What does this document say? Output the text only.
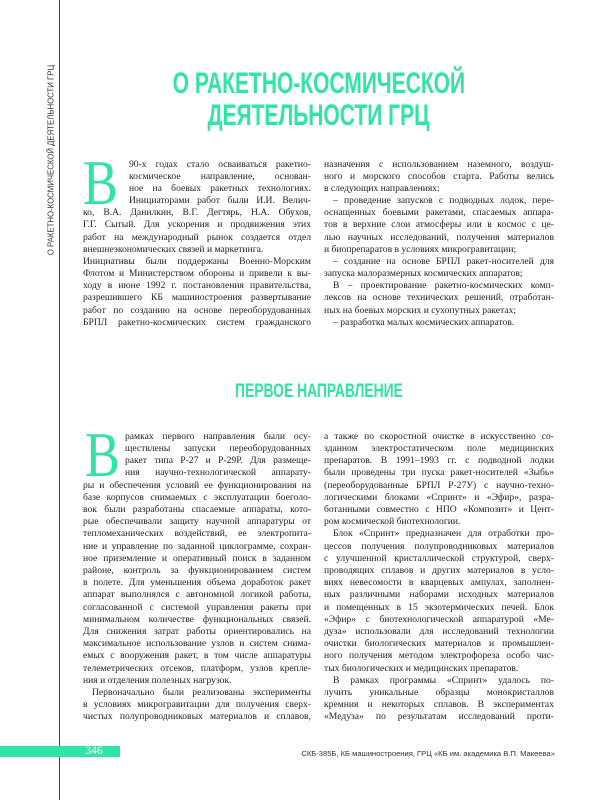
О РАКЕТНО-КОСМИЧЕСКОЙ ДЕЯТЕЛЬНОСТИ ГРЦ	О РАКЕТНО-КОСМИЧЕСКОЙ
ДЕЯТЕЛЬНОСТИ ГРЦ
В	90-х годах стало осваиваться ракетно-
космическое направление, основан-
ное на боевых ракетных технологиях.
Инициаторами работ были И.И. Велич-
ко, В.А. Данилкин, В.Г. Дегтярь, Н.А. Обухов,
Г.Г. Сытый. Для ускорения и продвижения этих
работ на международный рынок создается отдел
внешнеэкономических связей и маркетинга.
Инициативы были поддержаны Военно-Морским
Флотом и Министерством обороны и привели к вы-
ходу в июне 1992 г. постановления правительства,
разрешившего КБ машиностроения развертывание
работ по созданию на основе переоборудованных
БРПЛ ракетно-космических систем гражданского
назначения с использованием наземного, воздуш-
ного и морского способов старта. Работы велись
в следующих направлениях:
– проведение запусков с подводных лодок, пере-
оснащенных боевыми ракетами, спасаемых аппара-
тов в верхние слои атмосферы или в космос с це-
лью научных исследований, получения материалов
и биопрепаратов в условиях микрогравитации;
– создание на основе БРПЛ ракет-носителей для
запуска малоразмерных космических аппаратов;
В – проектирование ракетно-космических комп-
лексов на основе технических решений, отработан-
ных на боевых морских и сухопутных ракетах;
– разработка малых космических аппаратов.
ПЕРВОЕ НАПРАВЛЕНИЕ
В рамках первого направления были осу-
ществлены запуски переоборудованных
ракет типа Р-27 и Р-29Р. Для размеще-
ния научно-технологической аппарату-
ры и обеспечения условий ее функционирования на
базе корпусов снимаемых с эксплуатации боеголо-
вок были разработаны спасаемые аппараты, кото-
рые обеспечивали защиту научной аппаратуры от
тепломеханических воздействий, ее электропита-
ние и управление по заданной циклограмме, сохран-
ное приземление и оперативный поиск в заданном
районе, контроль за функционированием систем
в полете. Для уменьшения объема доработок ракет
аппарат выполнялся с автономной логикой работы,
согласованной с системой управления ракеты при
минимальном количестве функциональных связей.
Для снижения затрат работы ориентировались на
максимальное использование узлов и систем снима-
емых с вооружения ракет, в том числе аппаратуры
телеметрических отсеков, платформ, узлов крепле-
ния и отделения полезных нагрузок.
Первоначально были реализованы эксперименты
в условиях микрогравитации для получения сверх-
чистых полупроводниковых материалов и сплавов,
а также по скоростной очистке в искусственно со-
зданном электростатическом поле медицинских
препаратов. В 1991–1993 гг. с подводной лодки
были проведены три пуска ракет-носителей «Зыбь»
(переоборудованные БРПЛ Р-27У) с научно-техно-
логическими блоками «Спринт» и «Эфир», разра-
ботанными совместно с НПО «Композит» и Цент-
ром космической биотехнологии.
Блок «Спринт» предназначен для отработки про-
цессов получения полупроводниковых материалов
с улучшенной кристаллической структурой, сверх-
проводящих сплавов и других материалов в усло-
виях невесомости в кварцевых ампулах, заполнен-
ных различными наборами исходных материалов
и помещенных в 15 экзотермических печей. Блок
«Эфир» с биотехнологической аппаратурой «Ме-
дуза» использовали для исследований технологии
очистки биологических материалов и промышлен-
ного получения методом электрофореза особо чис-
тых биологических и медицинских препаратов.
В рамках программы «Спринт» удалось по-
лучить уникальные образцы монокристаллов
кремния и некоторых сплавов. В экспериментах
«Медуза» по результатам исследований проти-
346	СКБ-385Б, КБ машиностроения, ГРЦ «КБ им. академика В.П. Макеева»
